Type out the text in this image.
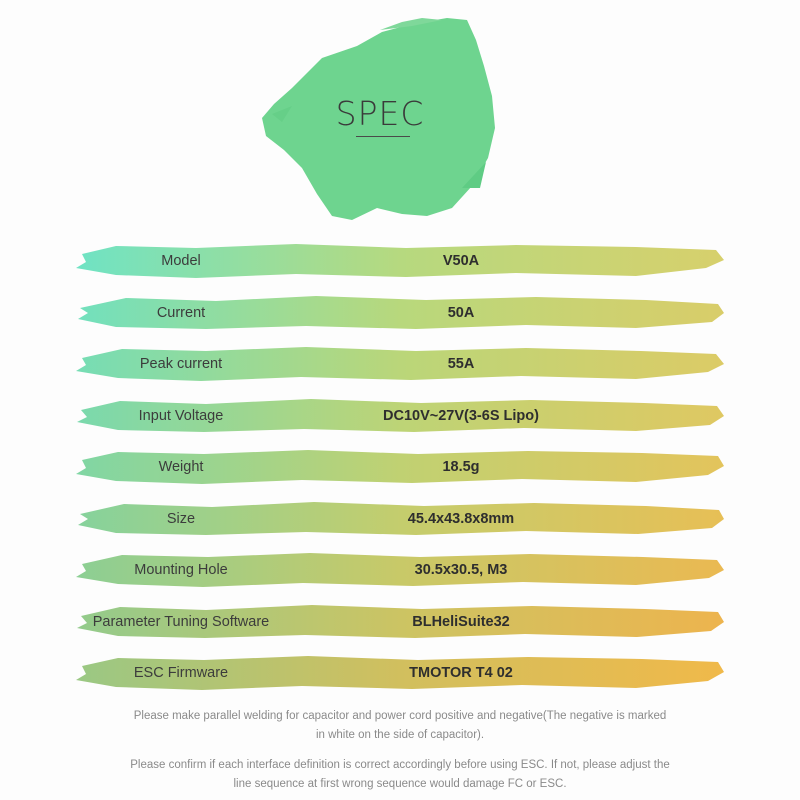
SPEC
Model	V50A
Current	50A
Peak current	55A
Input Voltage	DC10V~27V(3-6S Lipo)
Weight	18.5g
Size	45.4x43.8x8mm
Mounting Hole	30.5x30.5, M3
Parameter Tuning Software	BLHeliSuite32
ESC Firmware	TMOTOR T4 02
Please make parallel welding for capacitor and power cord positive and negative(The negative is marked in white on the side of capacitor).
Please confirm if each interface definition is correct accordingly before using ESC. If not, please adjust the line sequence at first wrong sequence would damage FC or ESC.
